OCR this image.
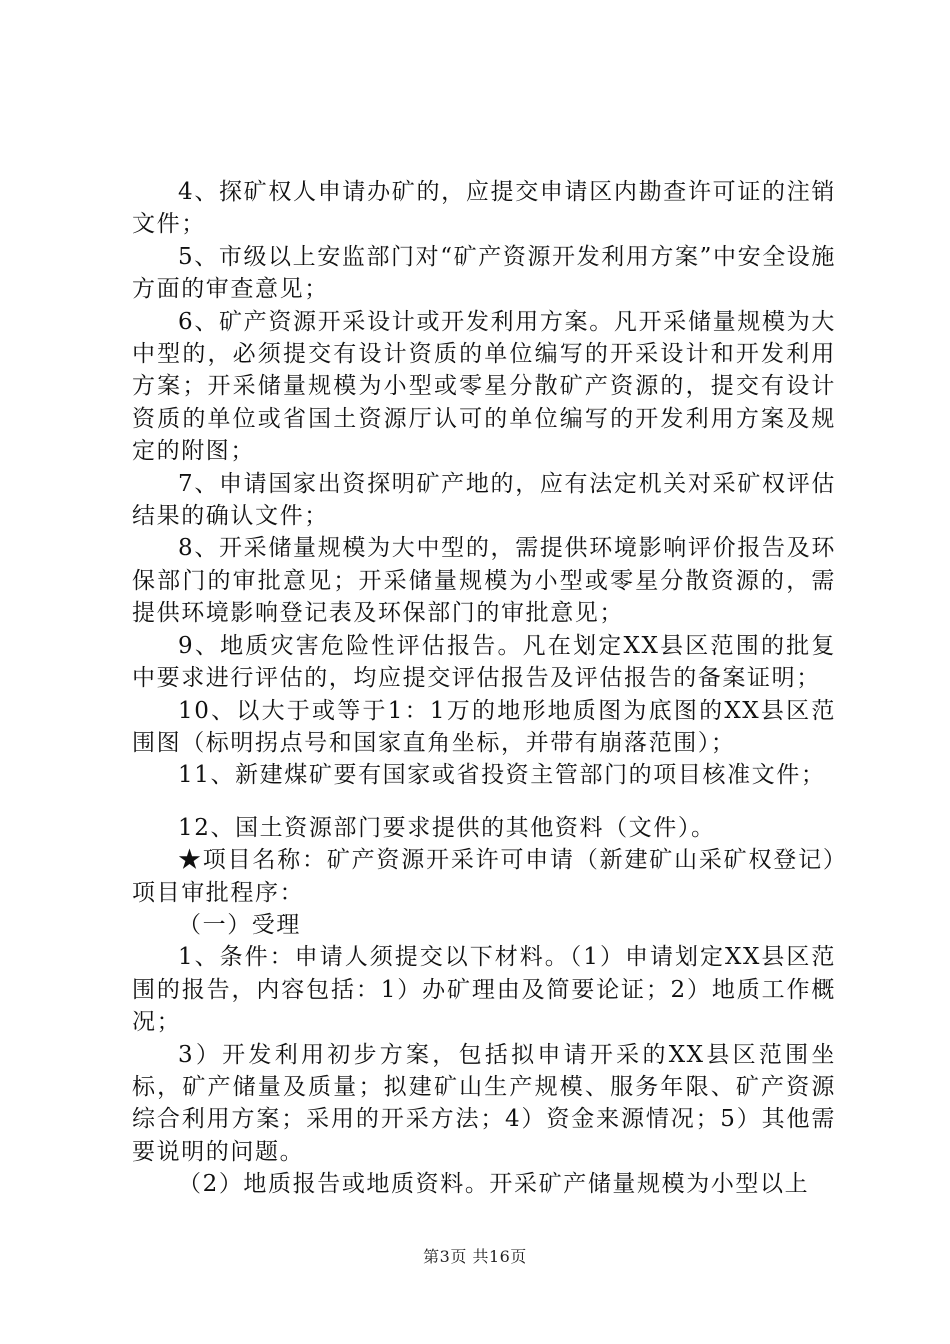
4、探矿权人申请办矿的，应提交申请区内勘查许可证的注销文件；

5、市级以上安监部门对“矿产资源开发利用方案”中安全设施方面的审查意见；

6、矿产资源开采设计或开发利用方案。凡开采储量规模为大中型的，必须提交有设计资质的单位编写的开采设计和开发利用方案；开采储量规模为小型或零星分散矿产资源的，提交有设计资质的单位或省国土资源厅认可的单位编写的开发利用方案及规定的附图；

7、申请国家出资探明矿产地的，应有法定机关对采矿权评估结果的确认文件；

8、开采储量规模为大中型的，需提供环境影响评价报告及环保部门的审批意见；开采储量规模为小型或零星分散资源的，需提供环境影响登记表及环保部门的审批意见；

9、地质灾害危险性评估报告。凡在划定XX县区范围的批复中要求进行评估的，均应提交评估报告及评估报告的备案证明；

10、以大于或等于1：1万的地形地质图为底图的XX县区范围图（标明拐点号和国家直角坐标，并带有崩落范围）；

11、新建煤矿要有国家或省投资主管部门的项目核准文件；

12、国土资源部门要求提供的其他资料（文件）。

★项目名称：矿产资源开采许可申请（新建矿山采矿权登记）项目审批程序：

（一）受理

1、条件：申请人须提交以下材料。（1）申请划定XX县区范围的报告，内容包括：1）办矿理由及简要论证；2）地质工作概况；

3）开发利用初步方案，包括拟申请开采的XX县区范围坐标，矿产储量及质量；拟建矿山生产规模、服务年限、矿产资源综合利用方案；采用的开采方法；4）资金来源情况；5）其他需要说明的问题。

（2）地质报告或地质资料。开采矿产储量规模为小型以上

第3页 共16页
